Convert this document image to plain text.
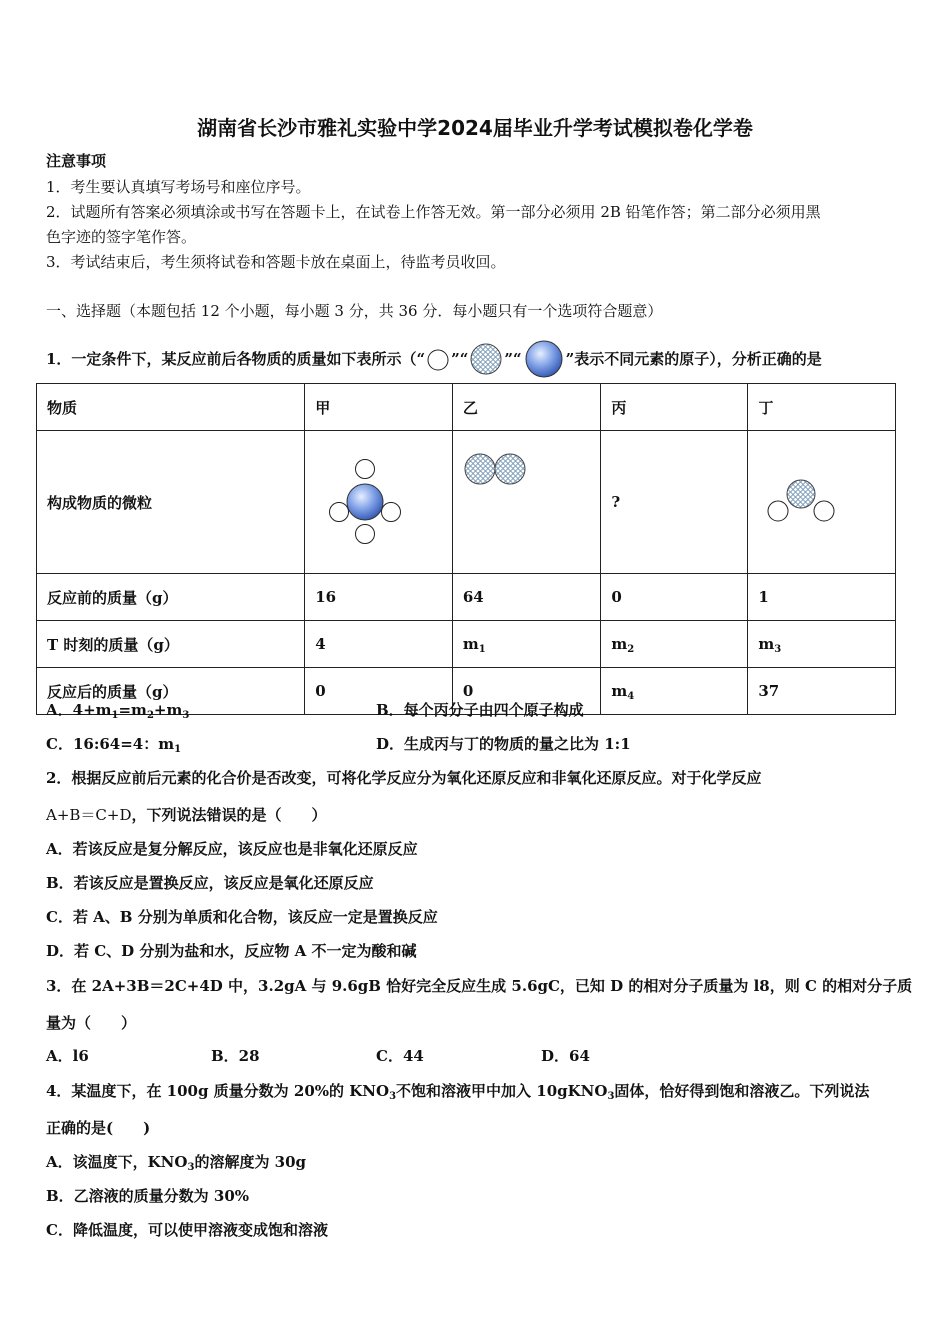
湖南省长沙市雅礼实验中学2024届毕业升学考试模拟卷化学卷
注意事项
1．考生要认真填写考场号和座位序号。
2．试题所有答案必须填涂或书写在答题卡上，在试卷上作答无效。第一部分必须用 2B 铅笔作答；第二部分必须用黑
色字迹的签字笔作答。
3．考试结束后，考生须将试卷和答题卡放在桌面上，待监考员收回。
一、选择题（本题包括 12 个小题，每小题 3 分，共 36 分．每小题只有一个选项符合题意）
1．一定条件下，某反应前后各物质的质量如下表所示（“ ”“ ”“	”表示不同元素的原子），分析正确的是
物质	甲	乙	丙	丁
构成物质的微粒			?	

反应前的质量（g）	16	64	0	1
T 时刻的质量（g）	4	$m_1$	$m_2$	$m_3$
反应后的质量（g）	0	0	$m_4$	37
A．$4+m_1=m_2+m_3$	B．每个丙分子由四个原子构成
C．16:64=4：$m_1$	D．生成丙与丁的物质的量之比为 1:1
2．根据反应前后元素的化合价是否改变，可将化学反应分为氧化还原反应和非氧化还原反应。对于化学反应
A+B＝C+D，下列说法错误的是（　　）
A．若该反应是复分解反应，该反应也是非氧化还原反应
B．若该反应是置换反应，该反应是氧化还原反应
C．若 A、B 分别为单质和化合物，该反应一定是置换反应
D．若 C、D 分别为盐和水，反应物 A 不一定为酸和碱
3．在 2A+3B＝2C+4D 中，3.2gA 与 9.6gB 恰好完全反应生成 5.6gC，已知 D 的相对分子质量为 l8，则 C 的相对分子质
量为（　　）
A．l6	B．28	C．44	D．64
4．某温度下，在 100g 质量分数为 20%的 $KNO_3$不饱和溶液甲中加入 10gKNO$_3$固体，恰好得到饱和溶液乙。下列说法
正确的是(　　)
A．该温度下，$KNO_3$的溶解度为 30g
B．乙溶液的质量分数为 30%
C．降低温度，可以使甲溶液变成饱和溶液
